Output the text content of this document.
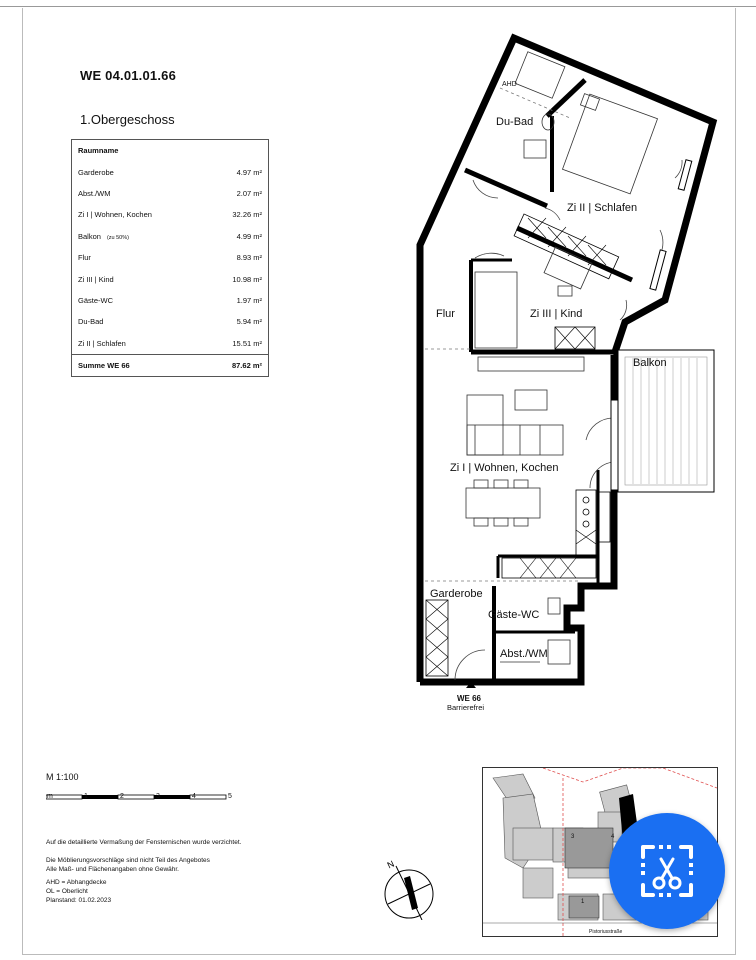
WE 04.01.01.66
1.Obergeschoss
Raumname	
Garderobe	4.97 m²
Abst./WM	2.07 m²
Zi I | Wohnen, Kochen	32.26 m²
Balkon (zu 50%)	4.99 m²
Flur	8.93 m²
Zi III | Kind	10.98 m²
Gäste-WC	1.97 m²
Du-Bad	5.94 m²
Zi II | Schlafen	15.51 m²
Summe WE 66	87.62 m²
AHD
Du-Bad
Zi II | Schlafen
Flur	Zi III | Kind
Balkon
Zi I | Wohnen, Kochen
Garderobe
Gäste-WC
Abst./WM
WE 66
Barrierefrei
M 1:100
m	1	2	3	4	5
Auf die detaillierte Vermaßung der Fensternischen wurde verzichtet.
Die Möblierungsvorschläge sind nicht Teil des Angebotes
Alle Maß- und Flächenangaben ohne Gewähr.
AHD = Abhangdecke
OL = Oberlicht
Planstand: 01.02.2023
N
3	4
1
Pistoriusstraße
